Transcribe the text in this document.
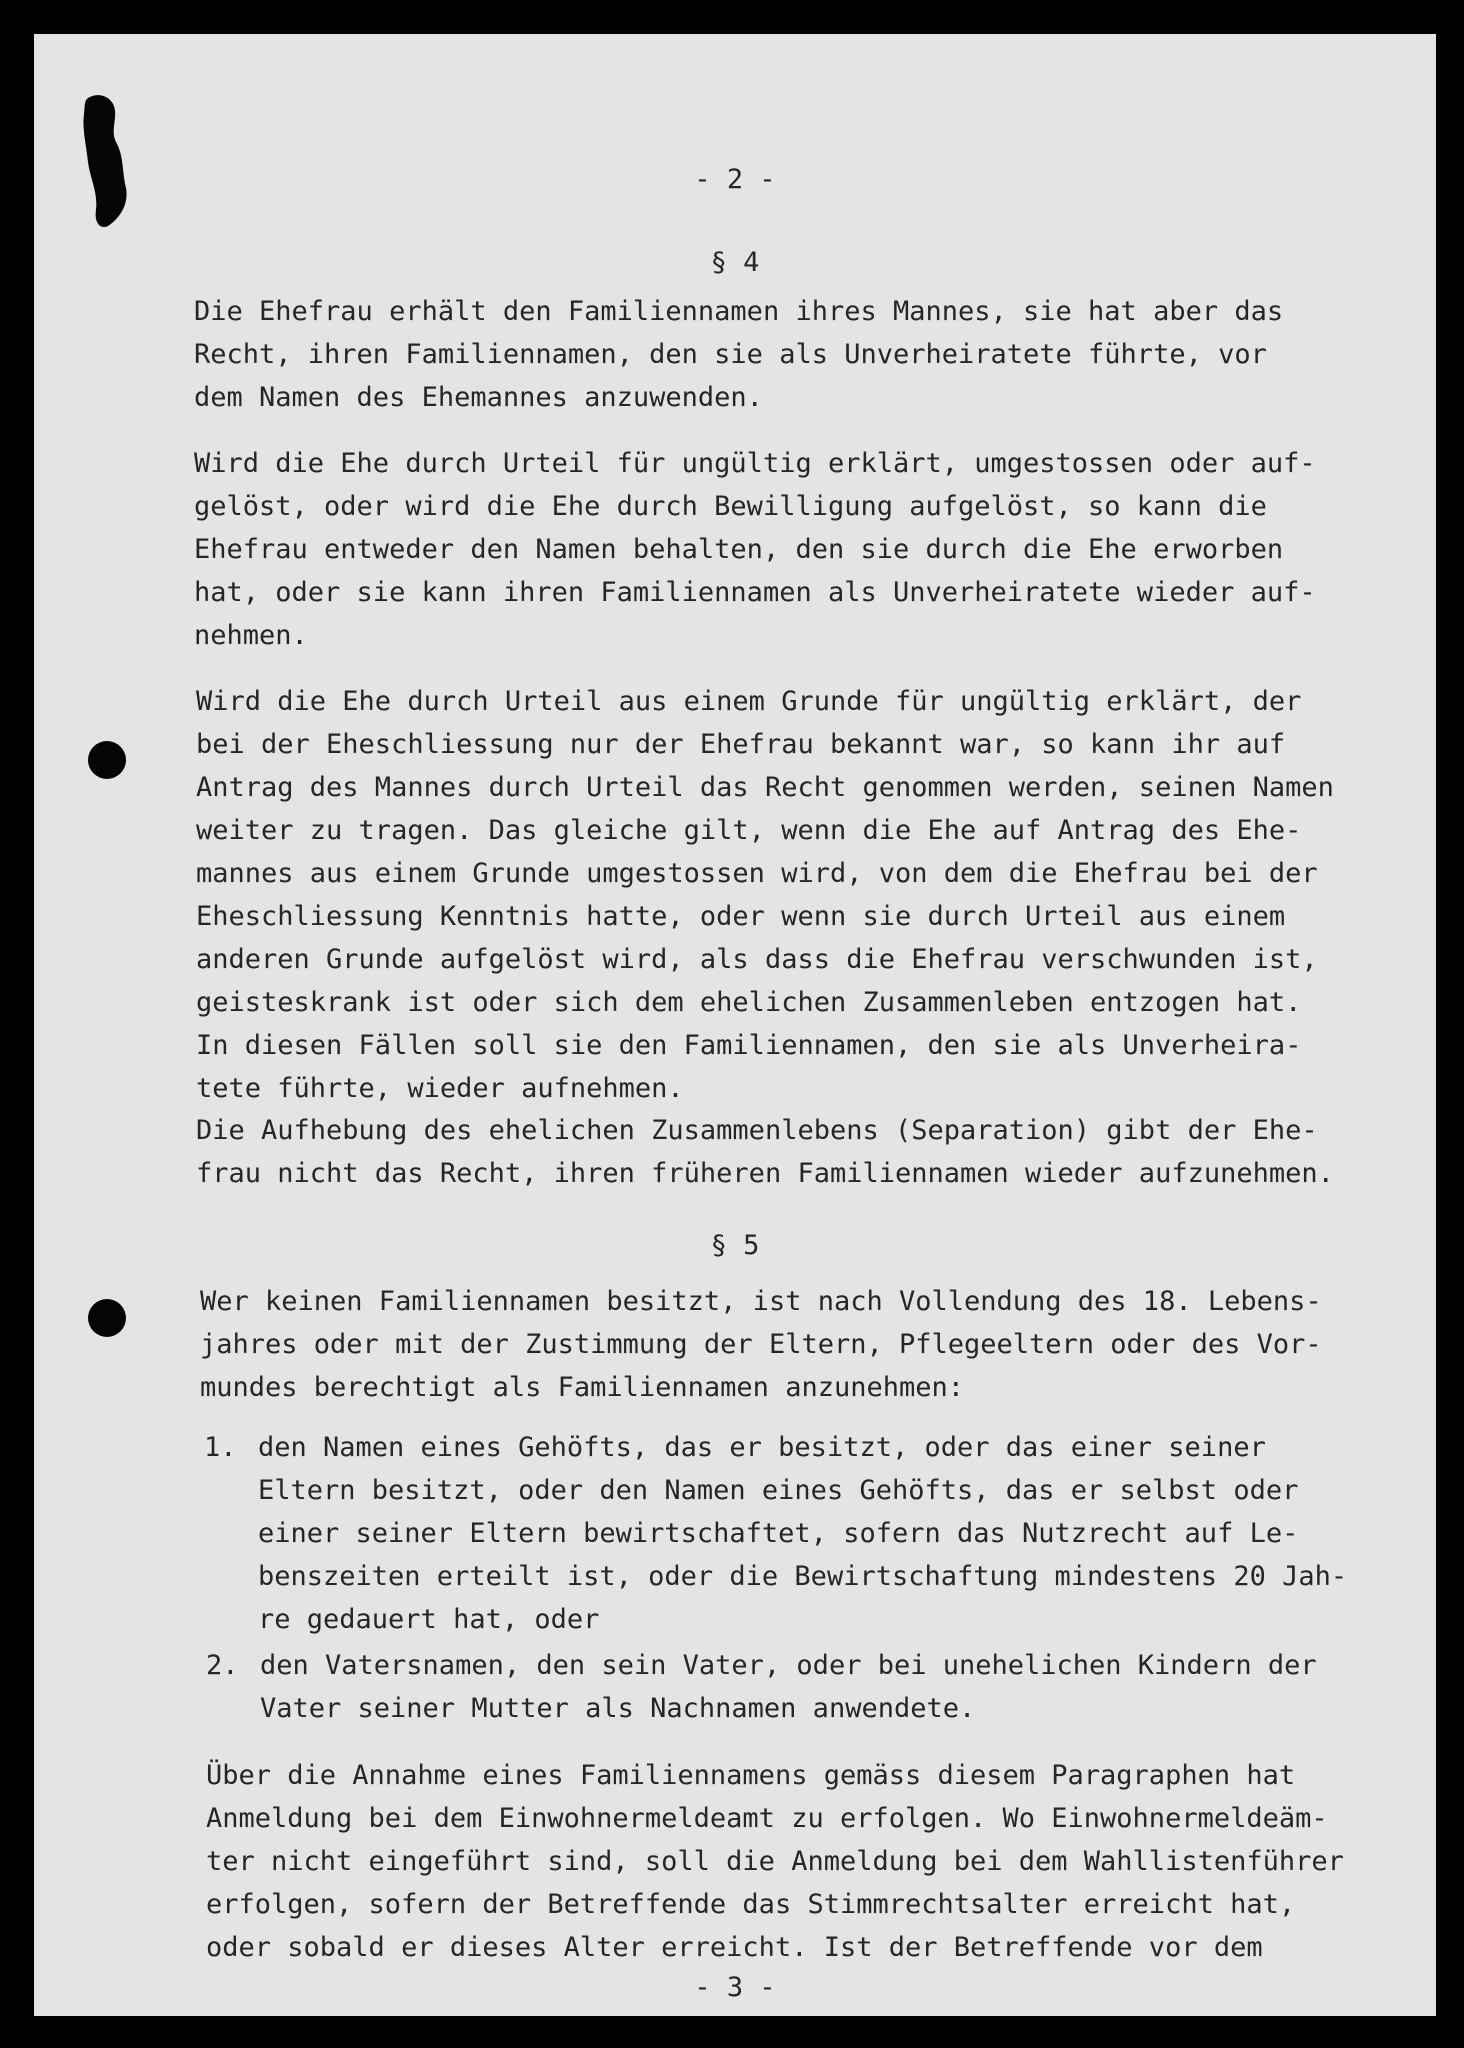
- 2 -
§ 4
Die Ehefrau erhält den Familiennamen ihres Mannes, sie hat aber das
Recht, ihren Familiennamen, den sie als Unverheiratete führte, vor
dem Namen des Ehemannes anzuwenden.
Wird die Ehe durch Urteil für ungültig erklärt, umgestossen oder auf-
gelöst, oder wird die Ehe durch Bewilligung aufgelöst, so kann die
Ehefrau entweder den Namen behalten, den sie durch die Ehe erworben
hat, oder sie kann ihren Familiennamen als Unverheiratete wieder auf-
nehmen.
Wird die Ehe durch Urteil aus einem Grunde für ungültig erklärt, der
bei der Eheschliessung nur der Ehefrau bekannt war, so kann ihr auf
Antrag des Mannes durch Urteil das Recht genommen werden, seinen Namen
weiter zu tragen. Das gleiche gilt, wenn die Ehe auf Antrag des Ehe-
mannes aus einem Grunde umgestossen wird, von dem die Ehefrau bei der
Eheschliessung Kenntnis hatte, oder wenn sie durch Urteil aus einem
anderen Grunde aufgelöst wird, als dass die Ehefrau verschwunden ist,
geisteskrank ist oder sich dem ehelichen Zusammenleben entzogen hat.
In diesen Fällen soll sie den Familiennamen, den sie als Unverheira-
tete führte, wieder aufnehmen.
Die Aufhebung des ehelichen Zusammenlebens (Separation) gibt der Ehe-
frau nicht das Recht, ihren früheren Familiennamen wieder aufzunehmen.
§ 5
Wer keinen Familiennamen besitzt, ist nach Vollendung des 18. Lebens-
jahres oder mit der Zustimmung der Eltern, Pflegeeltern oder des Vor-
mundes berechtigt als Familiennamen anzunehmen:
1. den Namen eines Gehöfts, das er besitzt, oder das einer seiner
Eltern besitzt, oder den Namen eines Gehöfts, das er selbst oder
einer seiner Eltern bewirtschaftet, sofern das Nutzrecht auf Le-
benszeiten erteilt ist, oder die Bewirtschaftung mindestens 20 Jah-
re gedauert hat, oder
2. den Vatersnamen, den sein Vater, oder bei unehelichen Kindern der
Vater seiner Mutter als Nachnamen anwendete.
Über die Annahme eines Familiennamens gemäss diesem Paragraphen hat
Anmeldung bei dem Einwohnermeldeamt zu erfolgen. Wo Einwohnermeldeäm-
ter nicht eingeführt sind, soll die Anmeldung bei dem Wahllistenführer
erfolgen, sofern der Betreffende das Stimmrechtsalter erreicht hat,
oder sobald er dieses Alter erreicht. Ist der Betreffende vor dem
- 3 -
